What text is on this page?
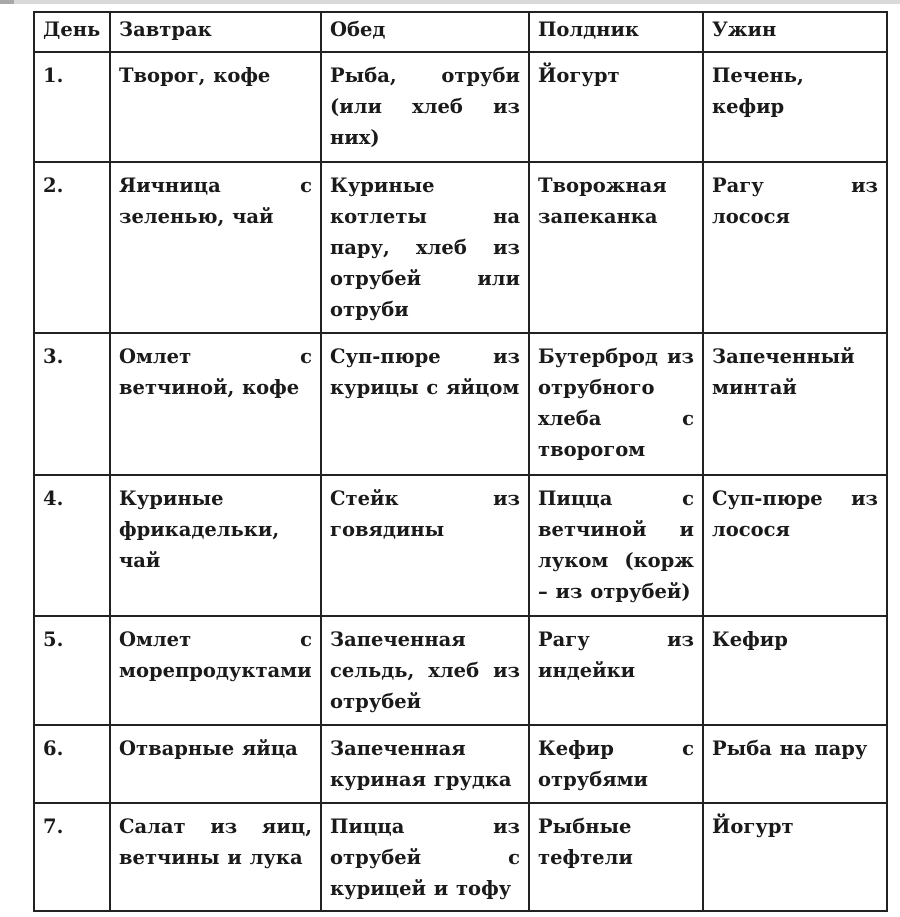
День	Завтрак	Обед	Полдник	Ужин
1.	Творог, кофе	Рыба, отруби (или хлеб из них)	Йогурт	Печень, кефир
2.	Яичница с зеленью, чай	Куриные котлеты на пару, хлеб из отрубей или отруби	Творожная запеканка	Рагу из лосося
3.	Омлет с ветчиной, кофе	Суп-пюре из курицы с яйцом	Бутерброд из отрубного хлеба с творогом	Запеченный минтай
4.	Куриные фрикадельки, чай	Стейк из говядины	Пицца с ветчиной и луком (корж – из отрубей)	Суп-пюре из лосося
5.	Омлет с морепродуктами	Запеченная сельдь, хлеб из отрубей	Рагу из индейки	Кефир
6.	Отварные яйца	Запеченная куриная грудка	Кефир с отрубями	Рыба на пару
7.	Салат из яиц, ветчины и лука	Пицца из отрубей с курицей и тофу	Рыбные тефтели	Йогурт
